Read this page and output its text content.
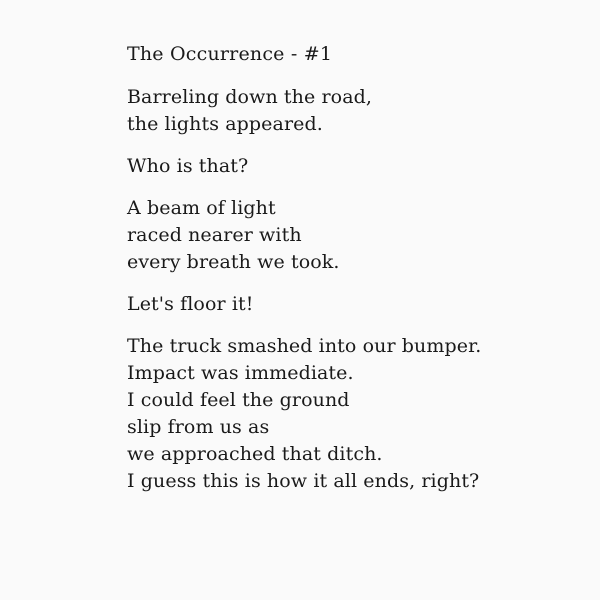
The Occurrence - #1
Barreling down the road,
the lights appeared.
Who is that?
A beam of light
raced nearer with
every breath we took.
Let's floor it!
The truck smashed into our bumper.
Impact was immediate.
I could feel the ground
slip from us as
we approached that ditch.
I guess this is how it all ends, right?
